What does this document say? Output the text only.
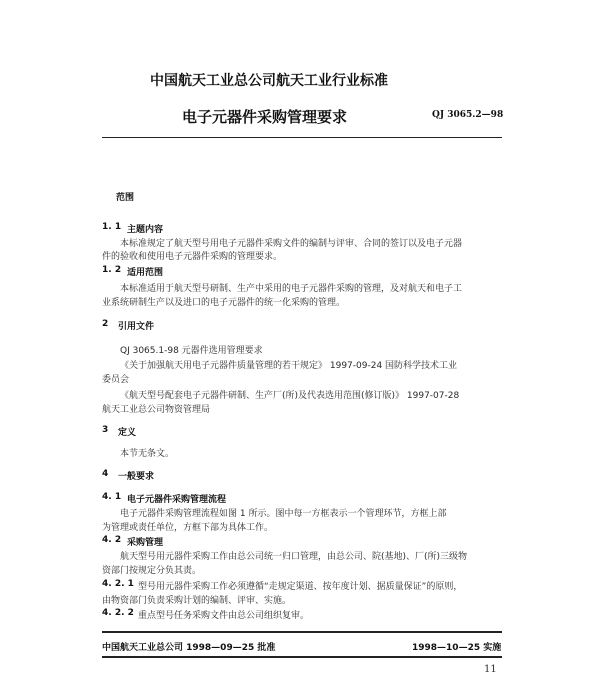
中国航天工业总公司航天工业行业标准
电子元器件采购管理要求	QJ 3065.2—98
范围
1. 1 主题内容
本标准规定了航天型号用电子元器件采购文件的编制与评审、合同的签订以及电子元器
件的验收和使用电子元器件采购的管理要求。
1. 2 适用范围
本标准适用于航天型号研制、生产中采用的电子元器件采购的管理，及对航天和电子工
业系统研制生产以及进口的电子元器件的统一化采购的管理。
2 引用文件
QJ 3065.1-98 元器件选用管理要求
《关于加强航天用电子元器件质量管理的若干规定》 1997-09-24 国防科学技术工业
委员会
《航天型号配套电子元器件研制、生产厂(所)及代表选用范围(修订版)》 1997-07-28
航天工业总公司物资管理局
3 定义
本节无条文。
4 一般要求
4. 1 电子元器件采购管理流程
电子元器件采购管理流程如图 1 所示。图中每一方框表示一个管理环节，方框上部
为管理或责任单位，方框下部为具体工作。
4. 2 采购管理
航天型号用元器件采购工作由总公司统一归口管理，由总公司、院(基地)、厂(所)三级物
资部门按规定分负其责。
4. 2. 1 型号用元器件采购工作必须遵循“走规定渠道、按年度计划、据质量保证”的原则，
由物资部门负责采购计划的编制、评审、实施。
4. 2. 2 重点型号任务采购文件由总公司组织复审。
中国航天工业总公司 1998—09—25 批准	1998—10—25 实施
11
